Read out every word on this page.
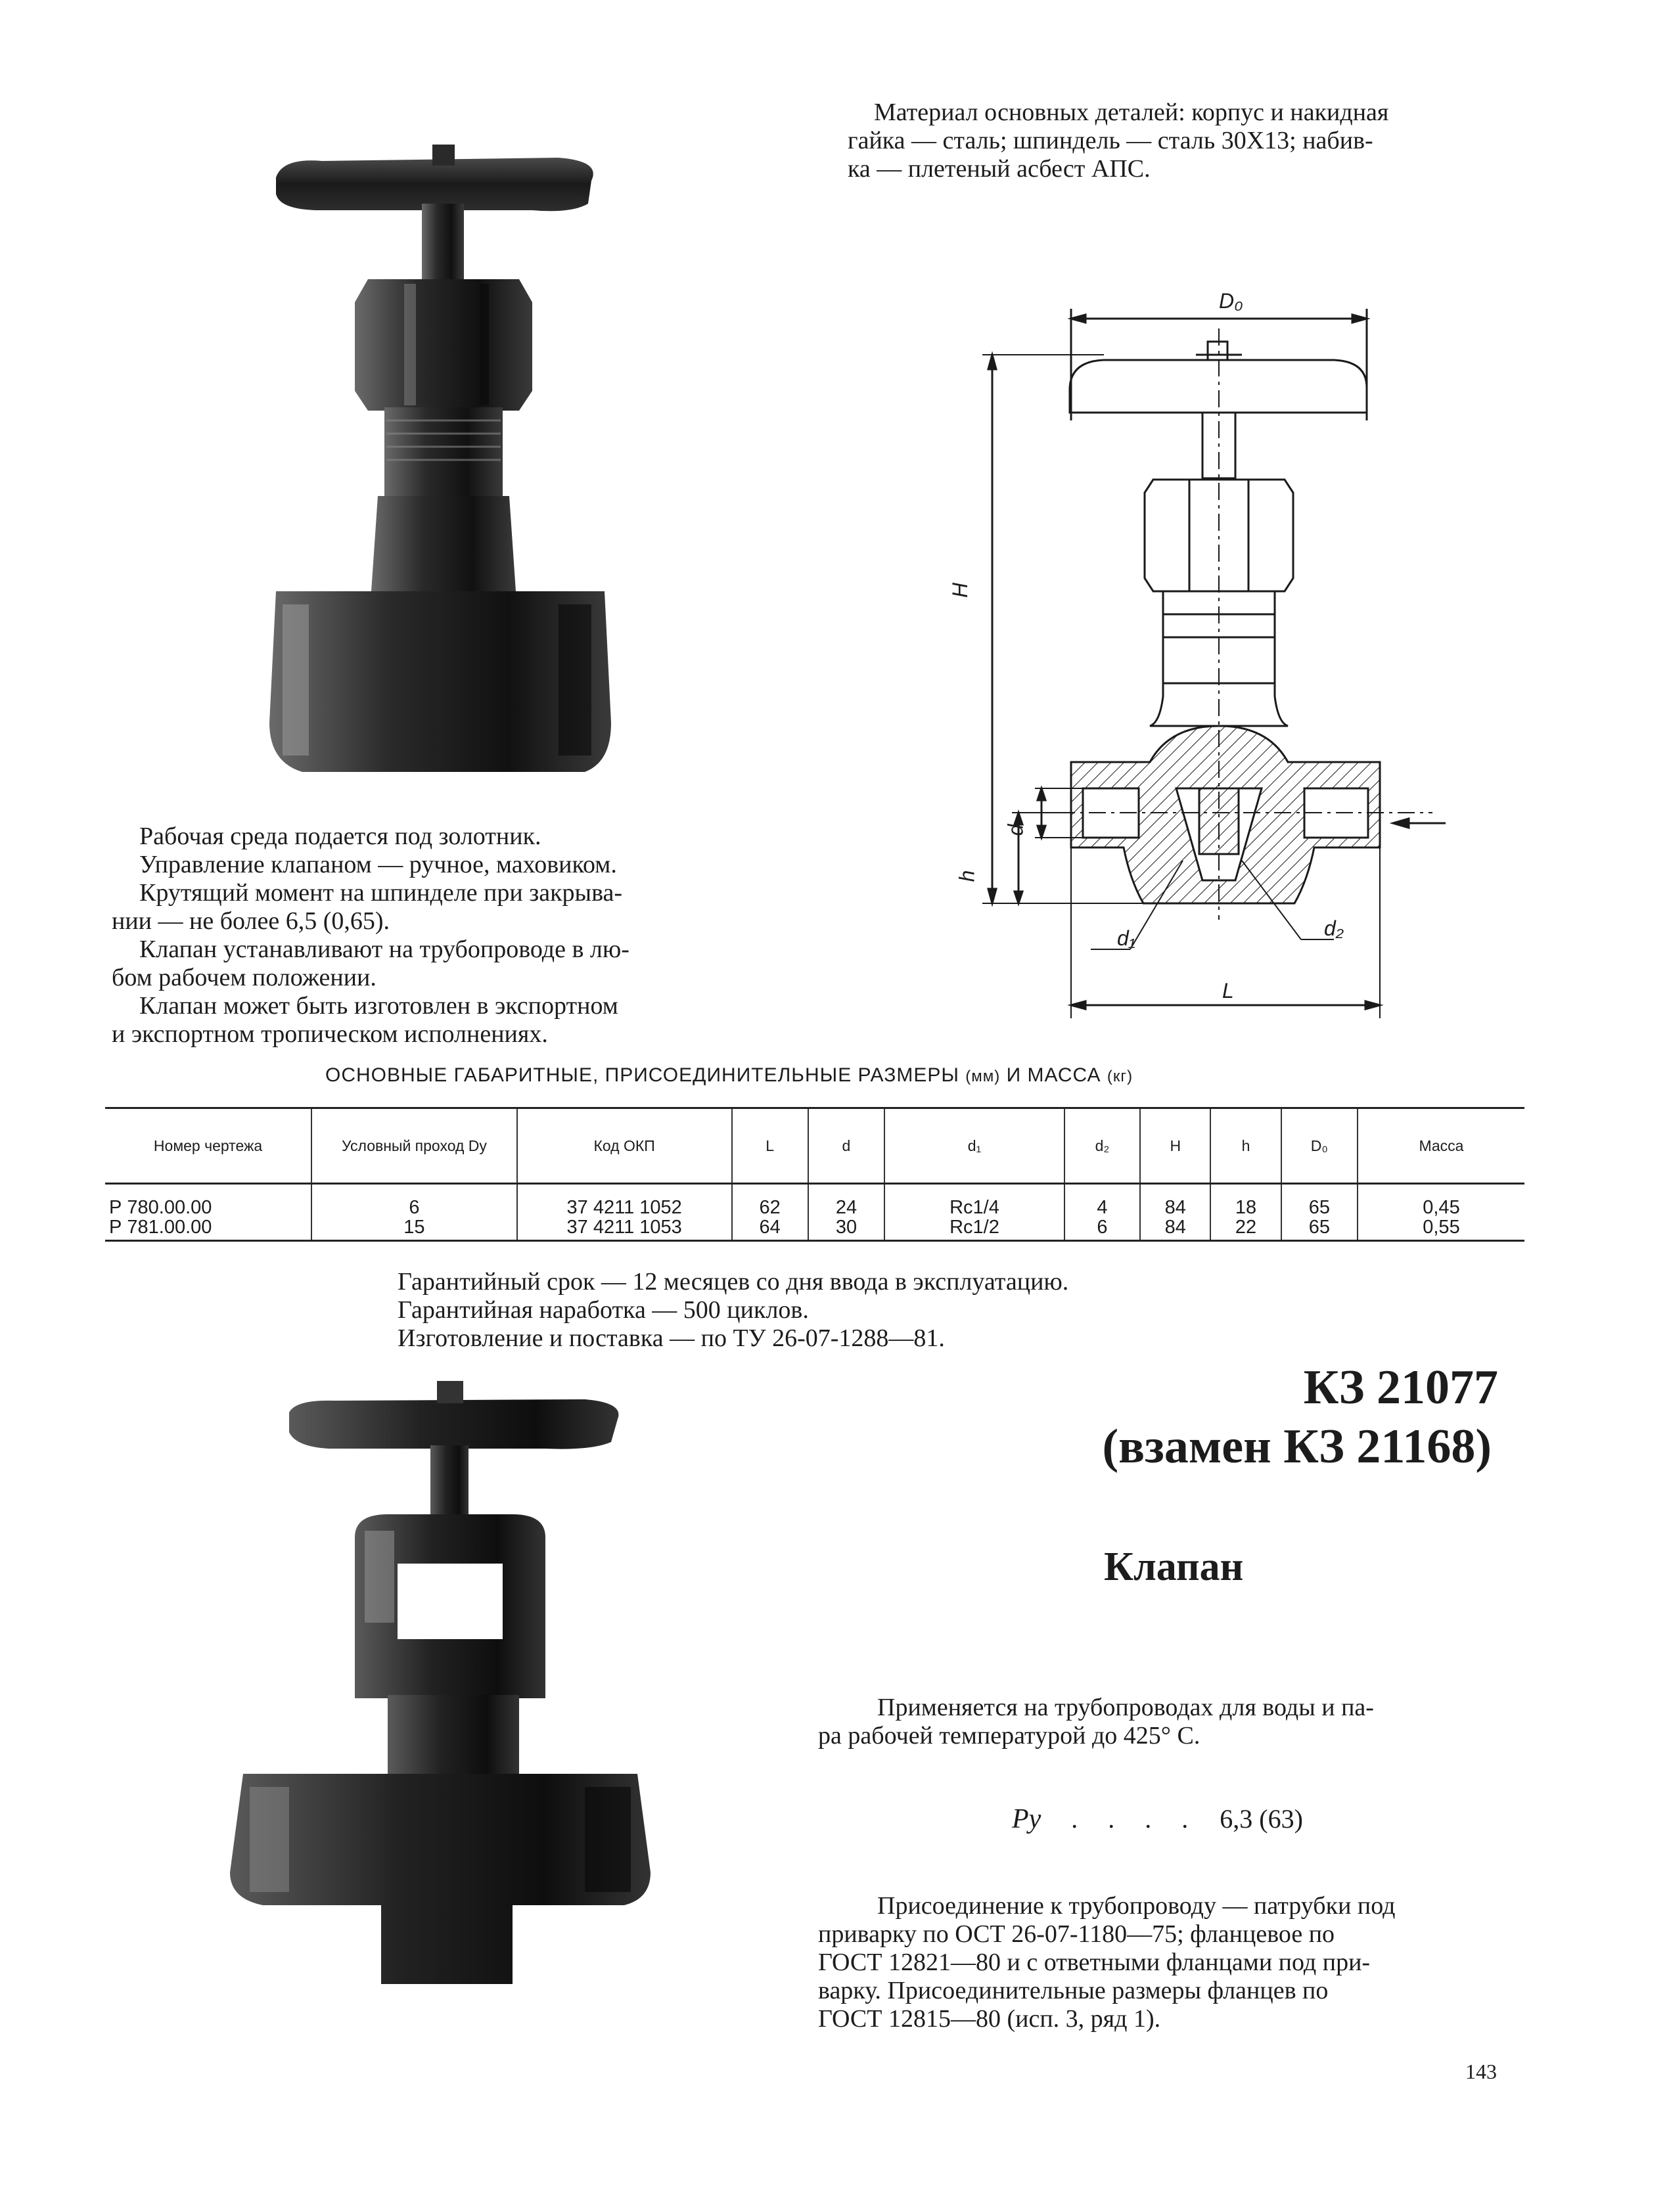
Материал основных деталей: корпус и накидная
гайка — сталь; шпиндель — сталь 30Х13; набив-
ка — плетеный асбест АПС.
D₀
H
d
h
d₁	d₂
L
Рабочая среда подается под золотник.
Управление клапаном — ручное, маховиком.
Крутящий момент на шпинделе при закрыва-
нии — не более 6,5 (0,65).
Клапан устанавливают на трубопроводе в лю-
бом рабочем положении.
Клапан может быть изготовлен в экспортном
и экспортном тропическом исполнениях.
ОСНОВНЫЕ ГАБАРИТНЫЕ, ПРИСОЕДИНИТЕЛЬНЫЕ РАЗМЕРЫ (мм) И МАССА (кг)
Номер чертежа	Условный проход Dу	Код ОКП	L	d	d₁	d₂	H	h	D₀	Масса
Р 780.00.00	6	37 4211 1052	62	24	Rc1/4	4	84	18	65	0,45
Р 781.00.00	15	37 4211 1053	64	30	Rc1/2	6	84	22	65	0,55
Гарантийный срок — 12 месяцев со дня ввода в эксплуатацию.
Гарантийная наработка — 500 циклов.
Изготовление и поставка — по ТУ 26-07-1288—81.
КЗ 21077
(взамен КЗ 21168)
Клапан
Применяется на трубопроводах для воды и па-
ра рабочей температурой до 425° С.
Pу . . . . 6,3 (63)
Присоединение к трубопроводу — патрубки под
приварку по ОСТ 26-07-1180—75; фланцевое по
ГОСТ 12821—80 и с ответными фланцами под при-
варку. Присоединительные размеры фланцев по
ГОСТ 12815—80 (исп. 3, ряд 1).
143
